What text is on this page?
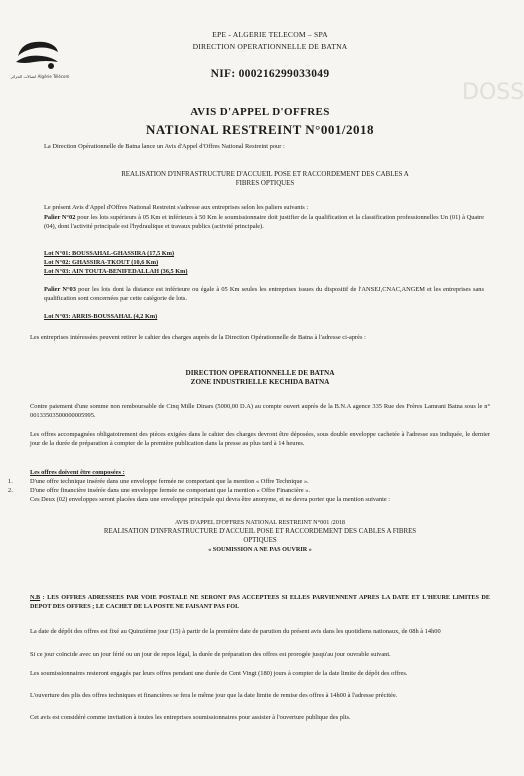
DOSS
اتصالات الجزائر Algérie Télécom
EPE - ALGERIE TELECOM – SPA
DIRECTION OPERATIONNELLE DE BATNA
NIF: 000216299033049
AVIS D'APPEL D'OFFRES
NATIONAL RESTREINT N°001/2018
La Direction Opérationnelle de Batna lance un Avis d'Appel d'Offres National Restreint pour :
REALISATION D'INFRASTRUCTURE D'ACCUEIL POSE ET RACCORDEMENT DES CABLES A
FIBRES OPTIQUES
Le présent Avis d'Appel d'Offres National Restreint s'adresse aux entreprises selon les paliers suivants :
Palier N°02 pour les lots supérieurs à 05 Km et inférieurs à 50 Km le soumissionnaire doit justifier de la qualification et la classification professionnelles Un (01) à Quatre (04), dont l'activité principale est l'hydraulique et travaux publics (activité principale).
Lot N°01: BOUSSAHAL-GHASSIRA (17,5 Km)
Lot N°02: GHASSIRA-TKOUT (10,6 Km)
Lot N°03: AIN TOUTA-BENIFEDALLAH (36,5 Km)
Palier N°03 pour les lots dont la distance est inférieure ou égale à 05 Km seules les entreprises issues du dispositif de l'ANSEJ,CNAC,ANGEM et les entreprises sans qualification sont concernées par cette catégorie de lots.
Lot N°03: ARRIS-BOUSSAHAL (4,2 Km)
Les entreprises intéressées peuvent retirer le cahier des charges auprès de la Direction Opérationnelle de Batna à l'adresse ci-après :
DIRECTION OPERATIONNELLE DE BATNA
ZONE INDUSTRIELLE KECHIDA BATNA
Contre paiement d'une somme non remboursable de Cinq Mille Dinars (5000,00 D.A) au compte ouvert auprès de la B.N.A agence 335 Rue des Frères Lamrani Batna sous le n° 00133503500000005995.
Les offres accompagnées obligatoirement des pièces exigées dans le cahier des charges devront être déposées, sous double enveloppe cachetée à l'adresse sus indiquée, le dernier jour de la durée de préparation à compter de la première publication dans la presse au plus tard à 14 heures.
Les offres doivent être composées :
1.	D'une offre technique insérée dans une enveloppe fermée ne comportant que la mention « Offre Technique ».
2.	D'une offre financière insérée dans une enveloppe fermée ne comportant que la mention « Offre Financière ».
Ces Deux (02) enveloppes seront placées dans une enveloppe principale qui devra être anonyme, et ne devra porter que la mention suivante :
AVIS D'APPEL D'OFFRES NATIONAL RESTREINT N°001 /2018
REALISATION D'INFRASTRUCTURE D'ACCUEIL POSE ET RACCORDEMENT DES CABLES A FIBRES
OPTIQUES
« SOUMISSION A NE PAS OUVRIR »
N.B : LES OFFRES ADRESSEES PAR VOIE POSTALE NE SERONT PAS ACCEPTEES SI ELLES PARVIENNENT APRES LA DATE ET L'HEURE LIMITES DE DEPOT DES OFFRES ; LE CACHET DE LA POSTE NE FAISANT PAS FOI.
La date de dépôt des offres est fixé au Quinzième jour (15) à partir de la première date de parution du présent avis dans les quotidiens nationaux, de 08h à 14h00
Si ce jour coïncide avec un jour férié ou un jour de repos légal, la durée de préparation des offres est prorogée jusqu'au jour ouvrable suivant.
Les soumissionnaires resteront engagés par leurs offres pendant une durée de Cent Vingt (180) jours à compter de la date limite de dépôt des offres.
L'ouverture des plis des offres techniques et financières se fera le même jour que la date limite de remise des offres à 14h00 à l'adresse précitée.
Cet avis est considéré comme invitation à toutes les entreprises soumissionnaires pour assister à l'ouverture publique des plis.
